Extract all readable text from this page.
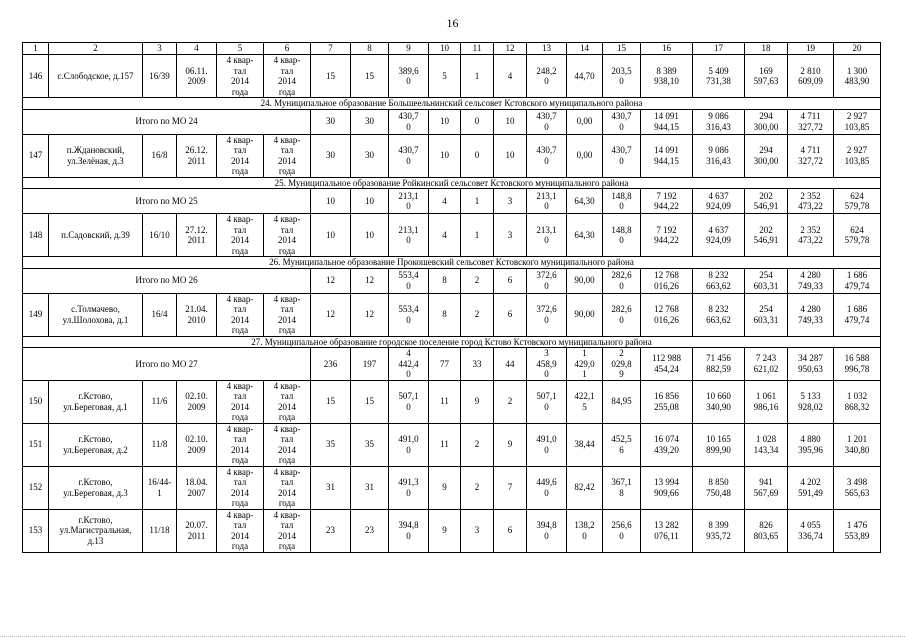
16
1	2	3	4	5	6	7	8	9	10	11	12	13	14	15	16	17	18	19	20

146	с.Слободское, д.157	16/39	06.11.
2009	4 квар-
тал
2014
года	4 квар-
тал
2014
года	15	15	389,6
0	5	1	4	248,2
0	44,70	203,5
0	8 389
938,10	5 409
731,38	169
597,63	2 810
609,09	1 300
483,90

24. Муниципальное образование Большеельнинский сельсовет Кстовского муниципального района																			
Итого по МО 24						30	30	430,7
0	10	0	10	430,7
0	0,00	430,7
0	14 091
944,15	9 086
316,43	294
300,00	4 711
327,72	2 927
103,85

147	п.Ждановский,
ул.Зелёная, д.3	16/8	26.12.
2011	4 квар-
тал
2014
года	4 квар-
тал
2014
года	30	30	430,7
0	10	0	10	430,7
0	0,00	430,7
0	14 091
944,15	9 086
316,43	294
300,00	4 711
327,72	2 927
103,85

25. Муниципальное образование Ройкинский сельсовет Кстовского муниципального района																			
Итого по МО 25						10	10	213,1
0	4	1	3	213,1
0	64,30	148,8
0	7 192
944,22	4 637
924,09	202
546,91	2 352
473,22	624
579,78

148	п.Садовский, д.39	16/10	27.12.
2011	4 квар-
тал
2014
года	4 квар-
тал
2014
года	10	10	213,1
0	4	1	3	213,1
0	64,30	148,8
0	7 192
944,22	4 637
924,09	202
546,91	2 352
473,22	624
579,78

26. Муниципальное образование Прокошевский сельсовет Кстовского муниципального района																			
Итого по МО 26						12	12	553,4
0	8	2	6	372,6
0	90,00	282,6
0	12 768
016,26	8 232
663,62	254
603,31	4 280
749,33	1 686
479,74

149	с.Толмачево,
ул.Шолохова, д.1	16/4	21.04.
2010	4 квар-
тал
2014
года	4 квар-
тал
2014
года	12	12	553,4
0	8	2	6	372,6
0	90,00	282,6
0	12 768
016,26	8 232
663,62	254
603,31	4 280
749,33	1 686
479,74

27. Муниципальное образование городское поселение город Кстово Кстовского муниципального района																			
Итого по МО 27						236	197	4
442,4
0	77	33	44	3
458,9
0	1
429,0
1	2
029,8
9	112 988
454,24	71 456
882,59	7 243
621,02	34 287
950,63	16 588
996,78

150	г.Кстово,
ул.Береговая, д.1	11/6	02.10.
2009	4 квар-
тал
2014
года	4 квар-
тал
2014
года	15	15	507,1
0	11	9	2	507,1
0	422,1
5	84,95	16 856
255,08	10 660
340,90	1 061
986,16	5 133
928,02	1 032
868,32

151	г.Кстово,
ул.Береговая, д.2	11/8	02.10.
2009	4 квар-
тал
2014
года	4 квар-
тал
2014
года	35	35	491,0
0	11	2	9	491,0
0	38,44	452,5
6	16 074
439,20	10 165
899,90	1 028
143,34	4 880
395,96	1 201
340,80

152	г.Кстово,
ул.Береговая, д.3	16/44-
1	18.04.
2007	4 квар-
тал
2014
года	4 квар-
тал
2014
года	31	31	491,3
0	9	2	7	449,6
0	82,42	367,1
8	13 994
909,66	8 850
750,48	941
567,69	4 202
591,49	3 498
565,63

153	г.Кстово,
ул.Магистральная,
д.13	11/18	20.07.
2011	4 квар-
тал
2014
года	4 квар-
тал
2014
года	23	23	394,8
0	9	3	6	394,8
0	138,2
0	256,6
0	13 282
076,11	8 399
935,72	826
803,65	4 055
336,74	1 476
553,89
